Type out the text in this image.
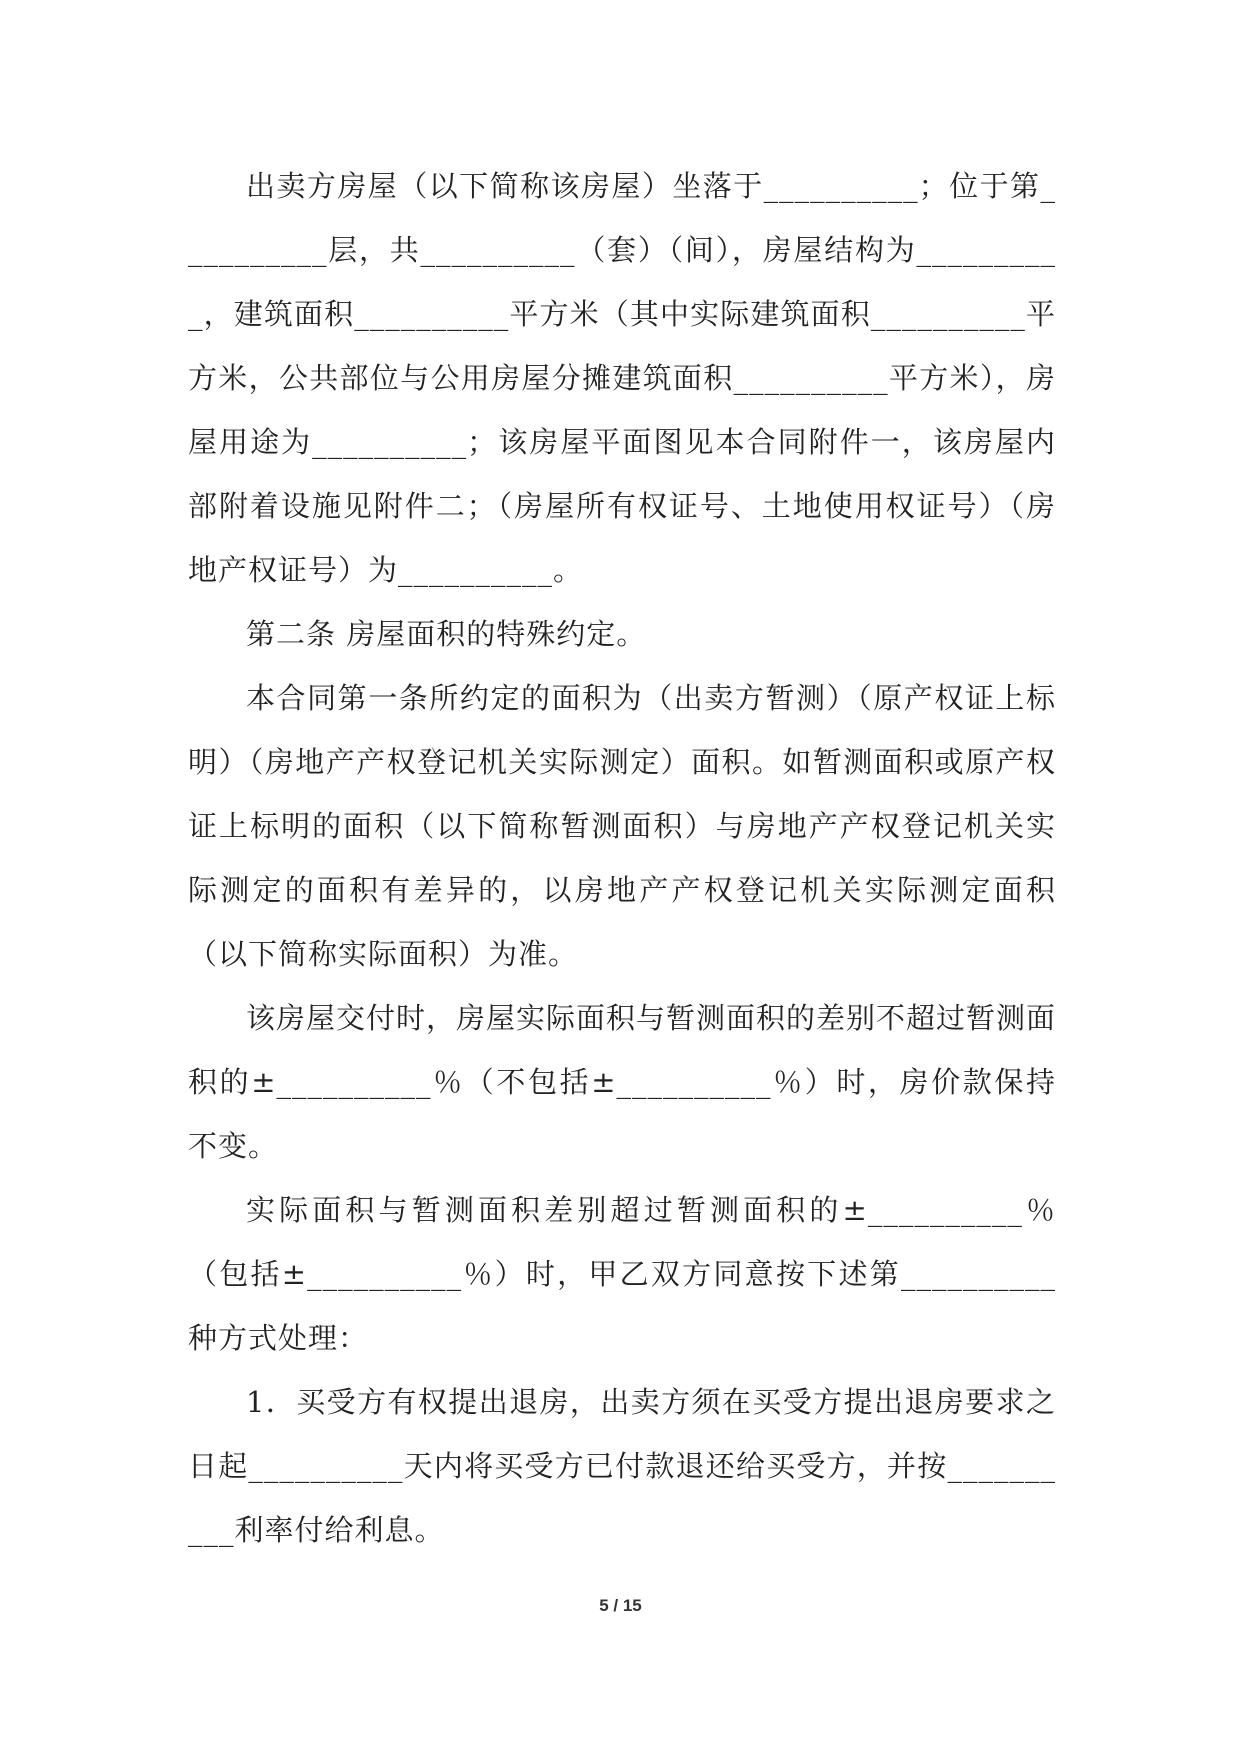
出卖方房屋（以下简称该房屋）坐落于__________；位于第__________层，共__________（套）（间），房屋结构为__________，建筑面积__________平方米（其中实际建筑面积__________平方米，公共部位与公用房屋分摊建筑面积__________平方米），房屋用途为__________；该房屋平面图见本合同附件一，该房屋内部附着设施见附件二；（房屋所有权证号、土地使用权证号）（房地产权证号）为__________。

第二条 房屋面积的特殊约定。

本合同第一条所约定的面积为（出卖方暂测）（原产权证上标明）（房地产产权登记机关实际测定）面积。如暂测面积或原产权证上标明的面积（以下简称暂测面积）与房地产产权登记机关实际测定的面积有差异的，以房地产产权登记机关实际测定面积（以下简称实际面积）为准。

该房屋交付时，房屋实际面积与暂测面积的差别不超过暂测面积的±__________％（不包括±__________％）时，房价款保持不变。

实际面积与暂测面积差别超过暂测面积的±__________％（包括±__________％）时，甲乙双方同意按下述第__________种方式处理：

1．买受方有权提出退房，出卖方须在买受方提出退房要求之日起__________天内将买受方已付款退还给买受方，并按__________利率付给利息。

5 / 15
